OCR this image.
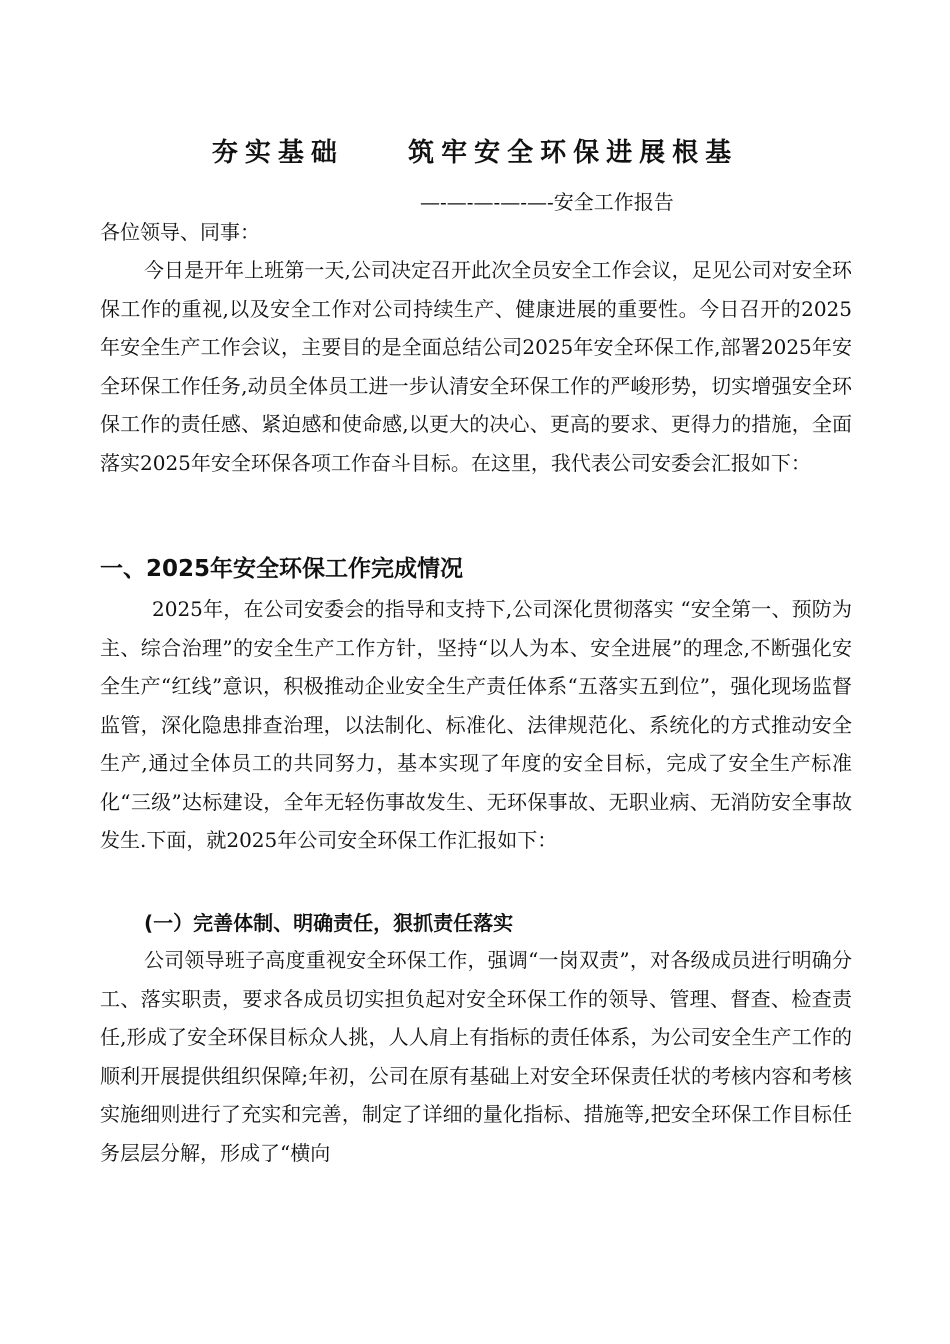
夯实基础    筑牢安全环保进展根基
—-—-—-—-—-安全工作报告
各位领导、同事：

今日是开年上班第一天,公司决定召开此次全员安全工作会议，足见公司对安全环保工作的重视,以及安全工作对公司持续生产、健康进展的重要性。今日召开的2025年安全生产工作会议，主要目的是全面总结公司2025年安全环保工作,部署2025年安全环保工作任务,动员全体员工进一步认清安全环保工作的严峻形势，切实增强安全环保工作的责任感、紧迫感和使命感,以更大的决心、更高的要求、更得力的措施，全面落实2025年安全环保各项工作奋斗目标。在这里，我代表公司安委会汇报如下：

一、2025年安全环保工作完成情况

2025年，在公司安委会的指导和支持下,公司深化贯彻落实 “安全第一、预防为主、综合治理”的安全生产工作方针，坚持“以人为本、安全进展”的理念,不断强化安全生产“红线”意识，积极推动企业安全生产责任体系“五落实五到位”，强化现场监督监管，深化隐患排查治理，以法制化、标准化、法律规范化、系统化的方式推动安全生产,通过全体员工的共同努力，基本实现了年度的安全目标，完成了安全生产标准化“三级”达标建设，全年无轻伤事故发生、无环保事故、无职业病、无消防安全事故发生.下面，就2025年公司安全环保工作汇报如下：

(一）完善体制、明确责任，狠抓责任落实

公司领导班子高度重视安全环保工作，强调“一岗双责”，对各级成员进行明确分工、落实职责，要求各成员切实担负起对安全环保工作的领导、管理、督查、检查责任,形成了安全环保目标众人挑，人人肩上有指标的责任体系，为公司安全生产工作的顺利开展提供组织保障;年初，公司在原有基础上对安全环保责任状的考核内容和考核实施细则进行了充实和完善，制定了详细的量化指标、措施等,把安全环保工作目标任务层层分解，形成了“横向
